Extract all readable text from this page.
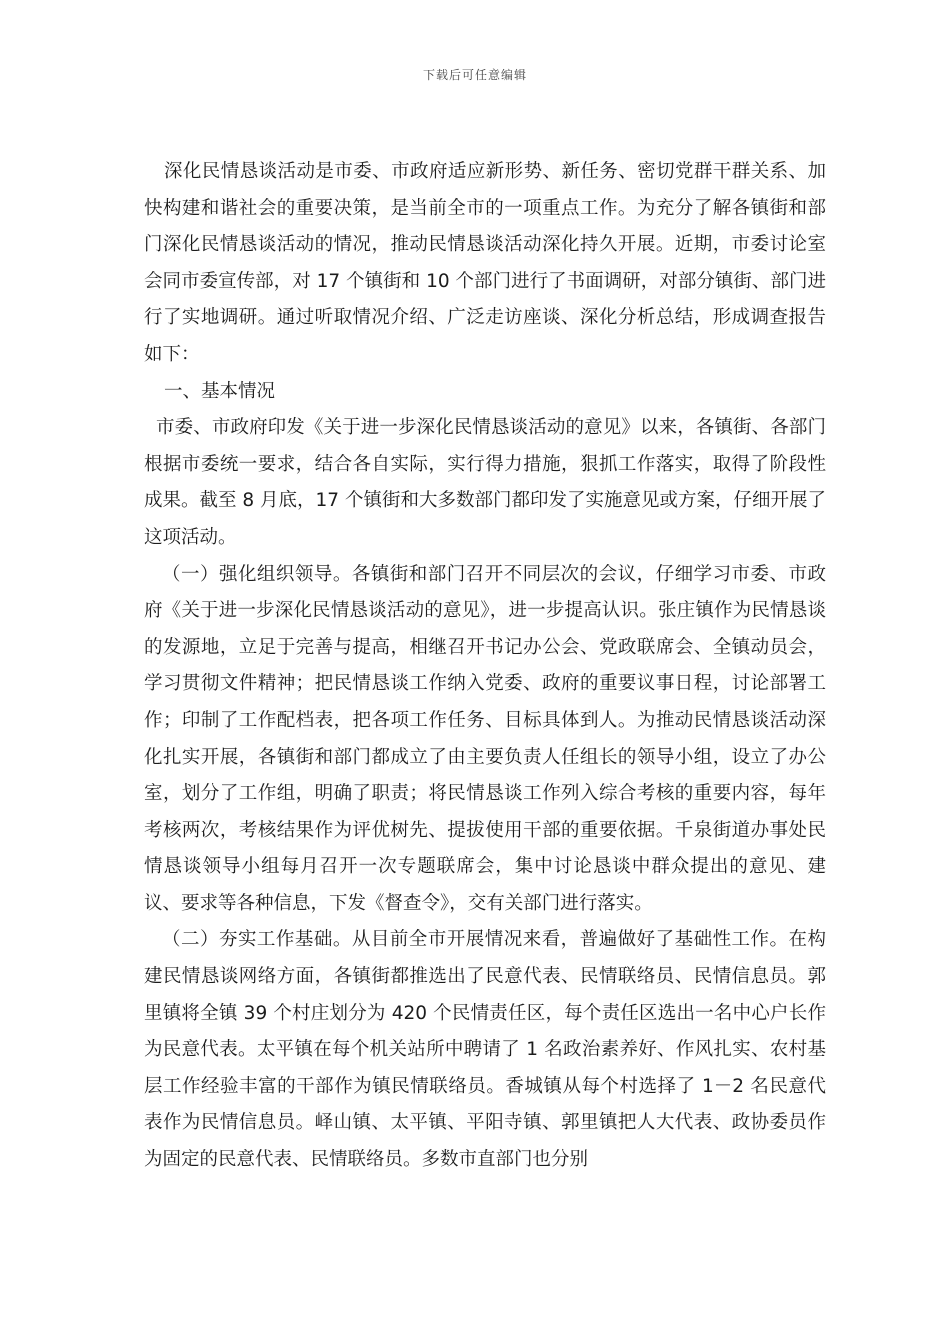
下载后可任意编辑

深化民情恳谈活动是市委、市政府适应新形势、新任务、密切党群干群关系、加快构建和谐社会的重要决策，是当前全市的一项重点工作。为充分了解各镇街和部门深化民情恳谈活动的情况，推动民情恳谈活动深化持久开展。近期，市委讨论室会同市委宣传部，对 17 个镇街和 10 个部门进行了书面调研，对部分镇街、部门进行了实地调研。通过听取情况介绍、广泛走访座谈、深化分析总结，形成调查报告如下：

一、基本情况

市委、市政府印发《关于进一步深化民情恳谈活动的意见》以来，各镇街、各部门根据市委统一要求，结合各自实际，实行得力措施，狠抓工作落实，取得了阶段性成果。截至 8 月底，17 个镇街和大多数部门都印发了实施意见或方案，仔细开展了这项活动。

（一）强化组织领导。各镇街和部门召开不同层次的会议，仔细学习市委、市政府《关于进一步深化民情恳谈活动的意见》，进一步提高认识。张庄镇作为民情恳谈的发源地，立足于完善与提高，相继召开书记办公会、党政联席会、全镇动员会，学习贯彻文件精神；把民情恳谈工作纳入党委、政府的重要议事日程，讨论部署工作；印制了工作配档表，把各项工作任务、目标具体到人。为推动民情恳谈活动深化扎实开展，各镇街和部门都成立了由主要负责人任组长的领导小组，设立了办公室，划分了工作组，明确了职责；将民情恳谈工作列入综合考核的重要内容，每年考核两次，考核结果作为评优树先、提拔使用干部的重要依据。千泉街道办事处民情恳谈领导小组每月召开一次专题联席会，集中讨论恳谈中群众提出的意见、建议、要求等各种信息，下发《督查令》，交有关部门进行落实。

（二）夯实工作基础。从目前全市开展情况来看，普遍做好了基础性工作。在构建民情恳谈网络方面，各镇街都推选出了民意代表、民情联络员、民情信息员。郭里镇将全镇 39 个村庄划分为 420 个民情责任区，每个责任区选出一名中心户长作为民意代表。太平镇在每个机关站所中聘请了 1 名政治素养好、作风扎实、农村基层工作经验丰富的干部作为镇民情联络员。香城镇从每个村选择了 1－2 名民意代表作为民情信息员。峄山镇、太平镇、平阳寺镇、郭里镇把人大代表、政协委员作为固定的民意代表、民情联络员。多数市直部门也分别
